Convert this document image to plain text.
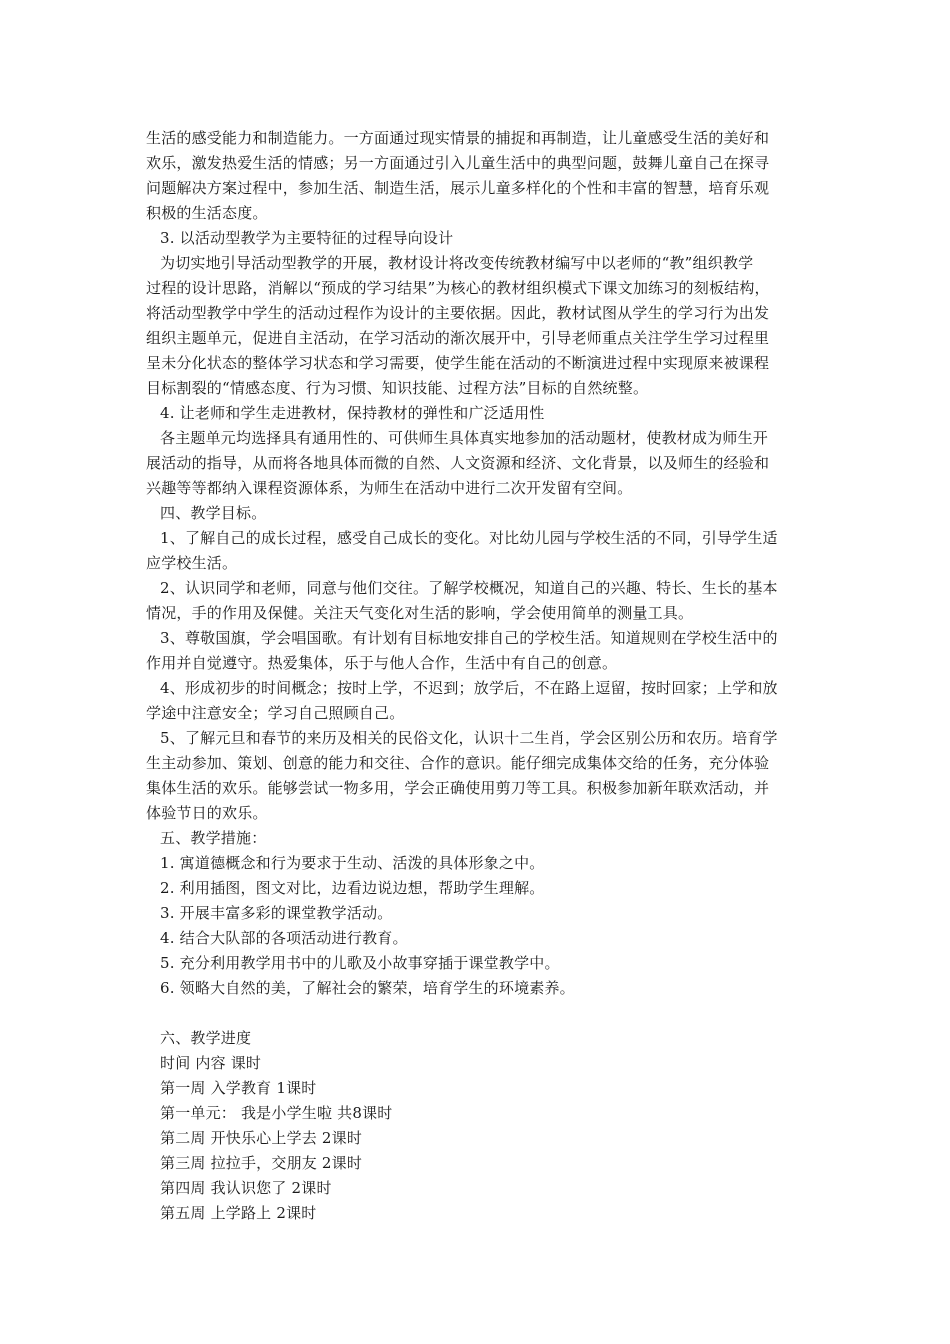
生活的感受能力和制造能力。一方面通过现实情景的捕捉和再制造，让儿童感受生活的美好和
欢乐，激发热爱生活的情感；另一方面通过引入儿童生活中的典型问题，鼓舞儿童自己在探寻
问题解决方案过程中，参加生活、制造生活，展示儿童多样化的个性和丰富的智慧，培育乐观
积极的生活态度。
3. 以活动型教学为主要特征的过程导向设计
为切实地引导活动型教学的开展，教材设计将改变传统教材编写中以老师的“教”组织教学
过程的设计思路，消解以“预成的学习结果”为核心的教材组织模式下课文加练习的刻板结构，
将活动型教学中学生的活动过程作为设计的主要依据。因此，教材试图从学生的学习行为出发
组织主题单元，促进自主活动，在学习活动的渐次展开中，引导老师重点关注学生学习过程里
呈未分化状态的整体学习状态和学习需要，使学生能在活动的不断演进过程中实现原来被课程
目标割裂的“情感态度、行为习惯、知识技能、过程方法”目标的自然统整。
4. 让老师和学生走进教材，保持教材的弹性和广泛适用性
各主题单元均选择具有通用性的、可供师生具体真实地参加的活动题材，使教材成为师生开
展活动的指导，从而将各地具体而微的自然、人文资源和经济、文化背景，以及师生的经验和
兴趣等等都纳入课程资源体系，为师生在活动中进行二次开发留有空间。
四、教学目标。
1、了解自己的成长过程，感受自己成长的变化。对比幼儿园与学校生活的不同，引导学生适
应学校生活。
2、认识同学和老师，同意与他们交往。了解学校概况，知道自己的兴趣、特长、生长的基本
情况，手的作用及保健。关注天气变化对生活的影响，学会使用简单的测量工具。
3、尊敬国旗，学会唱国歌。有计划有目标地安排自己的学校生活。知道规则在学校生活中的
作用并自觉遵守。热爱集体，乐于与他人合作，生活中有自己的创意。
4、形成初步的时间概念；按时上学，不迟到；放学后，不在路上逗留，按时回家；上学和放
学途中注意安全；学习自己照顾自己。
5、了解元旦和春节的来历及相关的民俗文化，认识十二生肖，学会区别公历和农历。培育学
生主动参加、策划、创意的能力和交往、合作的意识。能仔细完成集体交给的任务，充分体验
集体生活的欢乐。能够尝试一物多用，学会正确使用剪刀等工具。积极参加新年联欢活动，并
体验节日的欢乐。
五、教学措施：
1. 寓道德概念和行为要求于生动、活泼的具体形象之中。
2. 利用插图，图文对比，边看边说边想，帮助学生理解。
3. 开展丰富多彩的课堂教学活动。
4. 结合大队部的各项活动进行教育。
5. 充分利用教学用书中的儿歌及小故事穿插于课堂教学中。
6. 领略大自然的美，了解社会的繁荣，培育学生的环境素养。
六、教学进度
时间 内容 课时
第一周 入学教育 1课时
第一单元： 我是小学生啦 共8课时
第二周 开快乐心上学去 2课时
第三周 拉拉手，交朋友 2课时
第四周 我认识您了 2课时
第五周 上学路上 2课时
